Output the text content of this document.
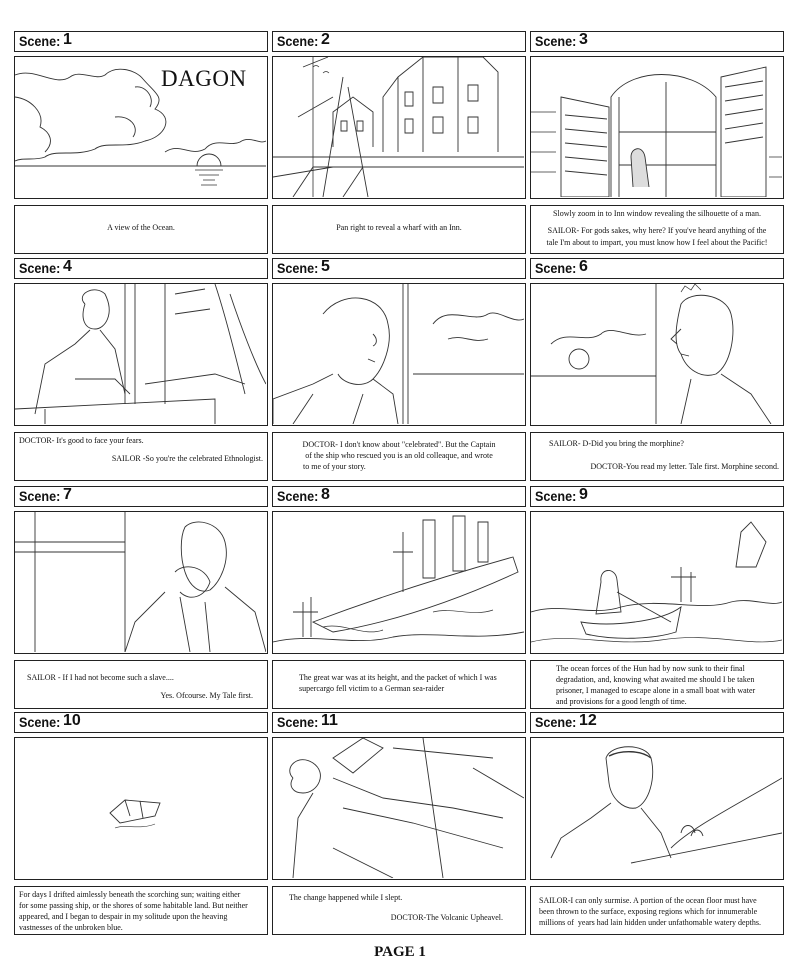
Scene: 1
DAGON
A view of the Ocean.
Scene: 2
Pan right to reveal a wharf with an Inn.
Scene: 3
Slowly zoom in to Inn window revealing the silhouette of a man.
SAILOR- For gods sakes, why here? If you've heard anything of the
tale I'm about to impart, you must know how I feel about the Pacific!
Scene: 4
DOCTOR- It's good to face your fears.
SAILOR -So you're the celebrated Ethnologist.
Scene: 5
DOCTOR- I don't know about "celebrated". But the Captain
of the ship who rescued you is an old colleaque, and wrote
to me of your story.
Scene: 6
SAILOR- D-Did you bring the morphine?
DOCTOR-You read my letter. Tale first. Morphine second.
Scene: 7
SAILOR - If I had not become such a slave....
Yes. Ofcourse. My Tale first.
Scene: 8
The great war was at its height, and the packet of which I was
supercargo fell victim to a German sea-raider
Scene: 9
The ocean forces of the Hun had by now sunk to their final
degradation, and, knowing what awaited me should I be taken
prisoner, I managed to escape alone in a small boat with water
and provisions for a good length of time.
Scene: 10
For days I drifted aimlessly beneath the scorching sun; waiting either
for some passing ship, or the shores of some habitable land. But neither
appeared, and I began to despair in my solitude upon the heaving
vastnesses of the unbroken blue.
Scene: 11
The change happened while I slept.
DOCTOR-The Volcanic Upheavel.
Scene: 12
SAILOR-I can only surmise. A portion of the ocean floor must have
been thrown to the surface, exposing regions which for innumerable
millions of  years had lain hidden under unfathomable watery depths.
PAGE 1
